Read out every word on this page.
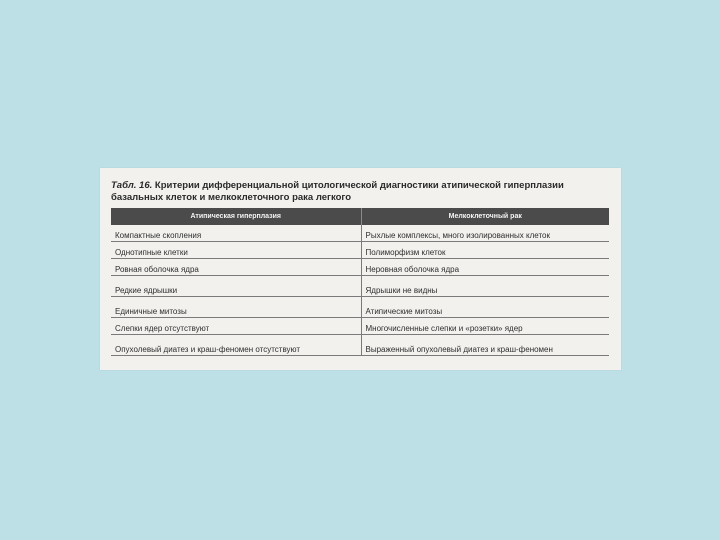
Табл. 16. Критерии дифференциальной цитологической диагностики атипической гиперплазии базальных клеток и мелкоклеточного рака легкого
Атипическая гиперплазия	Мелкоклеточный рак
Компактные скопления	Рыхлые комплексы, много изолированных клеток
Однотипные клетки	Полиморфизм клеток
Ровная оболочка ядра	Неровная оболочка ядра
Редкие ядрышки	Ядрышки не видны
Единичные митозы	Атипические митозы
Слепки ядер отсутствуют	Многочисленные слепки и «розетки» ядер
Опухолевый диатез и краш-феномен отсутствуют	Выраженный опухолевый диатез и краш-феномен
